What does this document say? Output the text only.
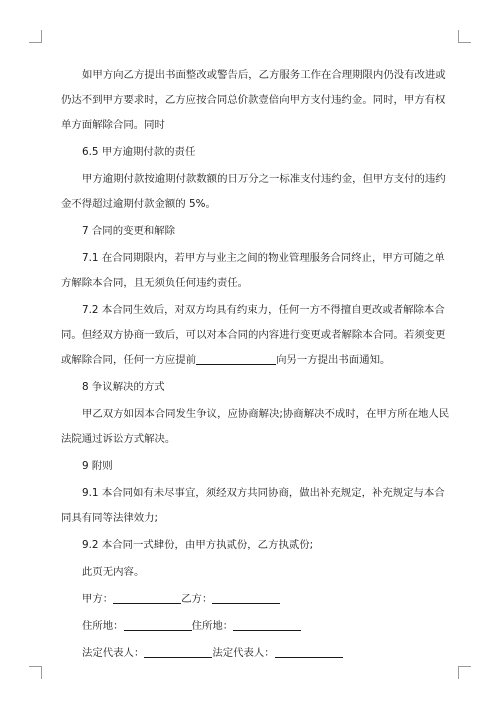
如甲方向乙方提出书面整改或警告后，乙方服务工作在合理期限内仍没有改进或
仍达不到甲方要求时，乙方应按合同总价款壹倍向甲方支付违约金。同时，甲方有权
单方面解除合同。同时
6.5 甲方逾期付款的责任
甲方逾期付款按逾期付款数额的日万分之一标准支付违约金，但甲方支付的违约
金不得超过逾期付款金额的 5%。
7 合同的变更和解除
7.1 在合同期限内，若甲方与业主之间的物业管理服务合同终止，甲方可随之单
方解除本合同，且无须负任何违约责任。
7.2 本合同生效后，对双方均具有约束力，任何一方不得擅自更改或者解除本合
同。但经双方协商一致后，可以对本合同的内容进行变更或者解除本合同。若须变更
或解除合同，任何一方应提前	向另一方提出书面通知。
8 争议解决的方式
甲乙双方如因本合同发生争议，应协商解决;协商解决不成时，在甲方所在地人民
法院通过诉讼方式解决。
9 附则
9.1 本合同如有未尽事宜，须经双方共同协商，做出补充规定，补充规定与本合
同具有同等法律效力;
9.2 本合同一式肆份，由甲方执贰份，乙方执贰份;
此页无内容。
甲方：	乙方：
住所地：	住所地：
法定代表人：	法定代表人：
